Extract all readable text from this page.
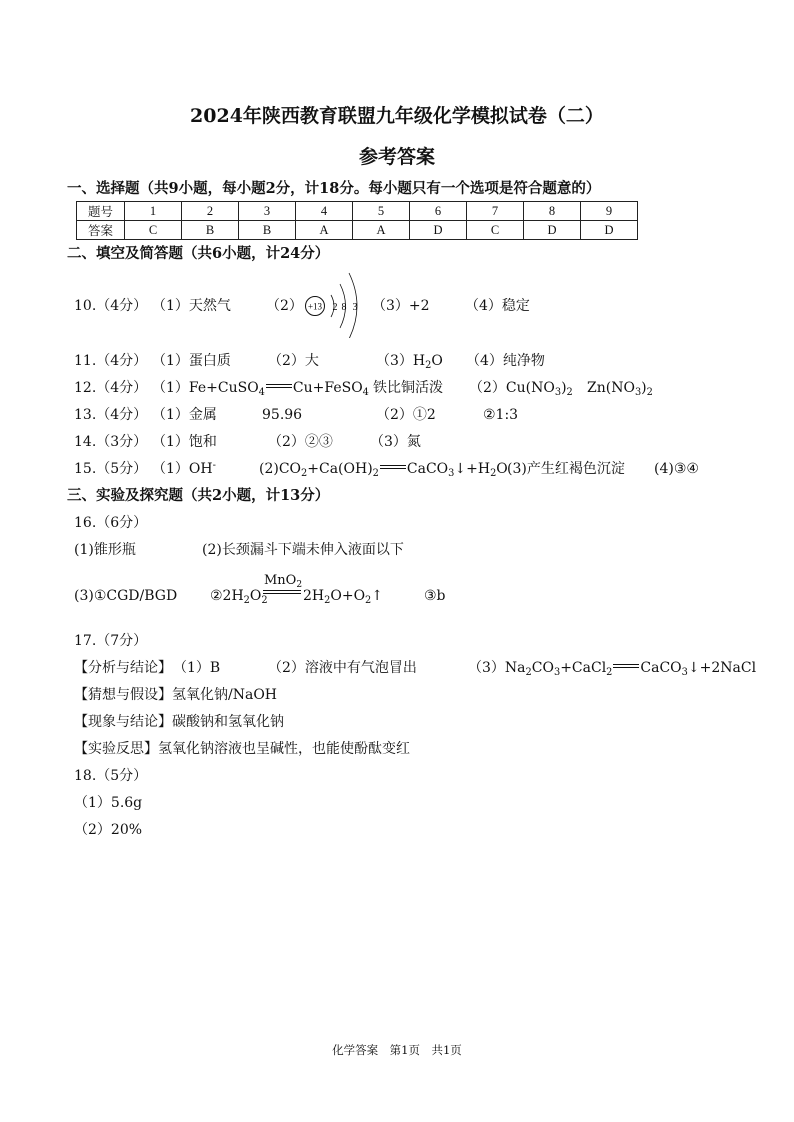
2024年陕西教育联盟九年级化学模拟试卷（二）
参考答案
一、选择题（共9小题，每小题2分，计18分。每小题只有一个选项是符合题意的）
题号	1	2	3	4	5	6	7	8	9
答案	C	B	B	A	A	D	C	D	D
二、填空及简答题（共6小题，计24分）
10.（4分） （1）天然气	（2） +13 2 8 3 （3）+2	（4）稳定
11.（4分） （1）蛋白质	（2）大	$(3)H_2O$ （4）纯净物
12.（4分） （1）Fe+CuSO$_4$ Cu+FeSO$_4$ 铁比铜活泼 $(2)Cu(NO_3)_2$ $Zn(NO_3)_2$
13.（4分） （1）金属	95.96	（2）①2	②1:3
14.（3分） （1）饱和	（2）②③	（3）氮
15.（5分） （1）OH-	$(2)CO_2+Ca(OH)_2$ $CaCO_3↓+H_2O$ (3)产生红褐色沉淀 (4)③④
三、实验及探究题（共2小题，计13分）
16.（6分）
(1)锥形瓶	(2)长颈漏斗下端未伸入液面以下
(3)①CGD/BGD $②2H_2O_2$
MnO$_2$
$2H_2O+O_2↑$	③b
17.（7分）
【分析与结论】 （1）B	（2）溶液中有气泡冒出	$(3)Na_2CO_3+CaCl_2$ CaCO$_3$↓+2NaCl
【猜想与假设】氢氧化钠/NaOH
【现象与结论】碳酸钠和氢氧化钠
【实验反思】氢氧化钠溶液也呈碱性，也能使酚酞变红
18.（5分）
（1）5.6g
（2）20%
化学答案　第1页　共1页
